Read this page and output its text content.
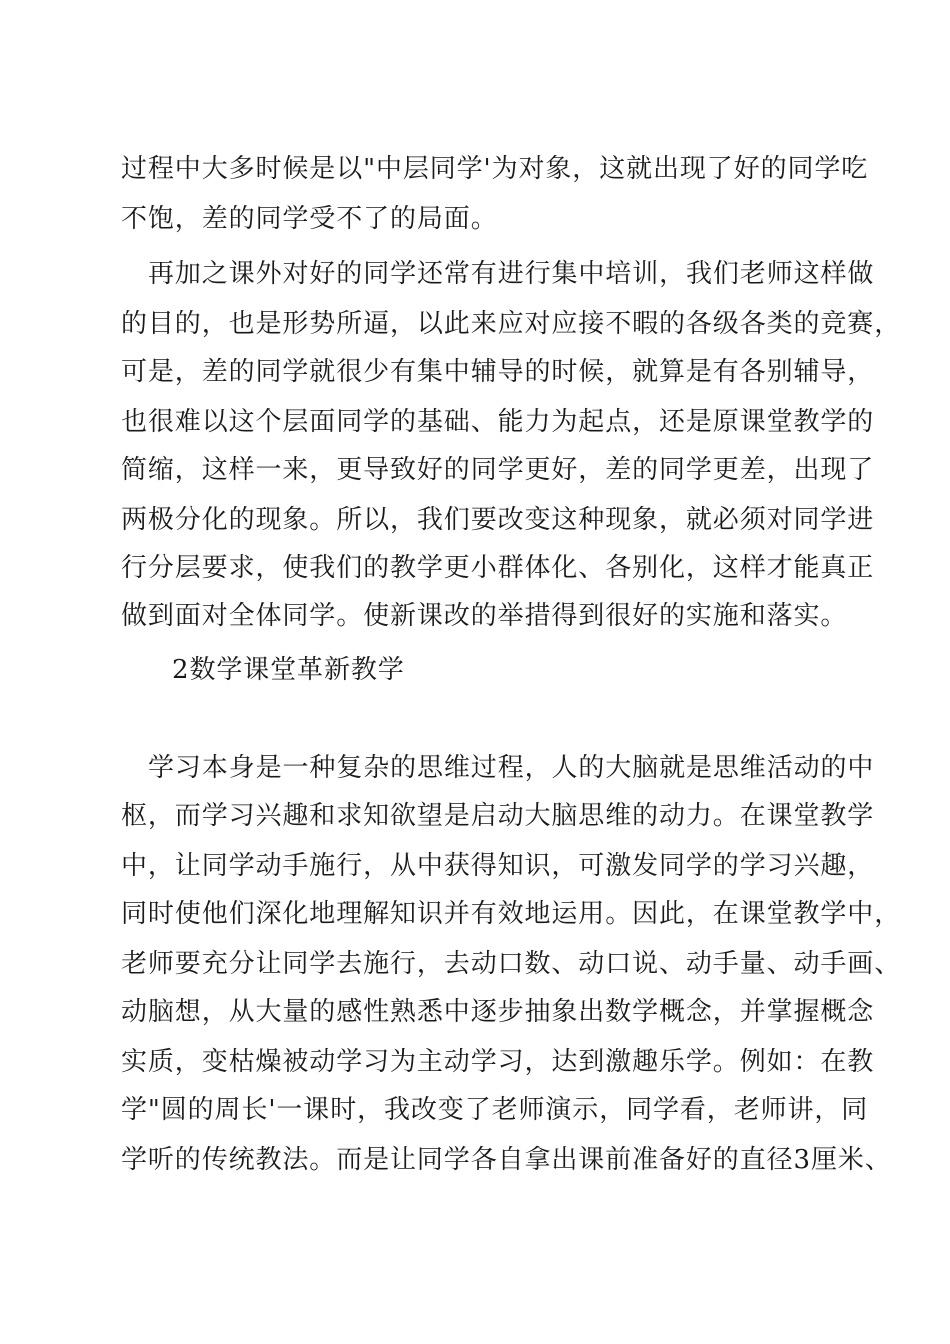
过程中大多时候是以"中层同学'为对象，这就出现了好的同学吃
不饱，差的同学受不了的局面。
再加之课外对好的同学还常有进行集中培训，我们老师这样做
的目的，也是形势所逼，以此来应对应接不暇的各级各类的竞赛，
可是，差的同学就很少有集中辅导的时候，就算是有各别辅导，
也很难以这个层面同学的基础、能力为起点，还是原课堂教学的
简缩，这样一来，更导致好的同学更好，差的同学更差，出现了
两极分化的现象。所以，我们要改变这种现象，就必须对同学进
行分层要求，使我们的教学更小群体化、各别化，这样才能真正
做到面对全体同学。使新课改的举措得到很好的实施和落实。
2数学课堂革新教学
学习本身是一种复杂的思维过程，人的大脑就是思维活动的中
枢，而学习兴趣和求知欲望是启动大脑思维的动力。在课堂教学
中，让同学动手施行，从中获得知识，可激发同学的学习兴趣，
同时使他们深化地理解知识并有效地运用。因此，在课堂教学中，
老师要充分让同学去施行，去动口数、动口说、动手量、动手画、
动脑想，从大量的感性熟悉中逐步抽象出数学概念，并掌握概念
实质，变枯燥被动学习为主动学习，达到激趣乐学。例如：在教
学"圆的周长'一课时，我改变了老师演示，同学看，老师讲，同
学听的传统教法。而是让同学各自拿出课前准备好的直径3厘米、
